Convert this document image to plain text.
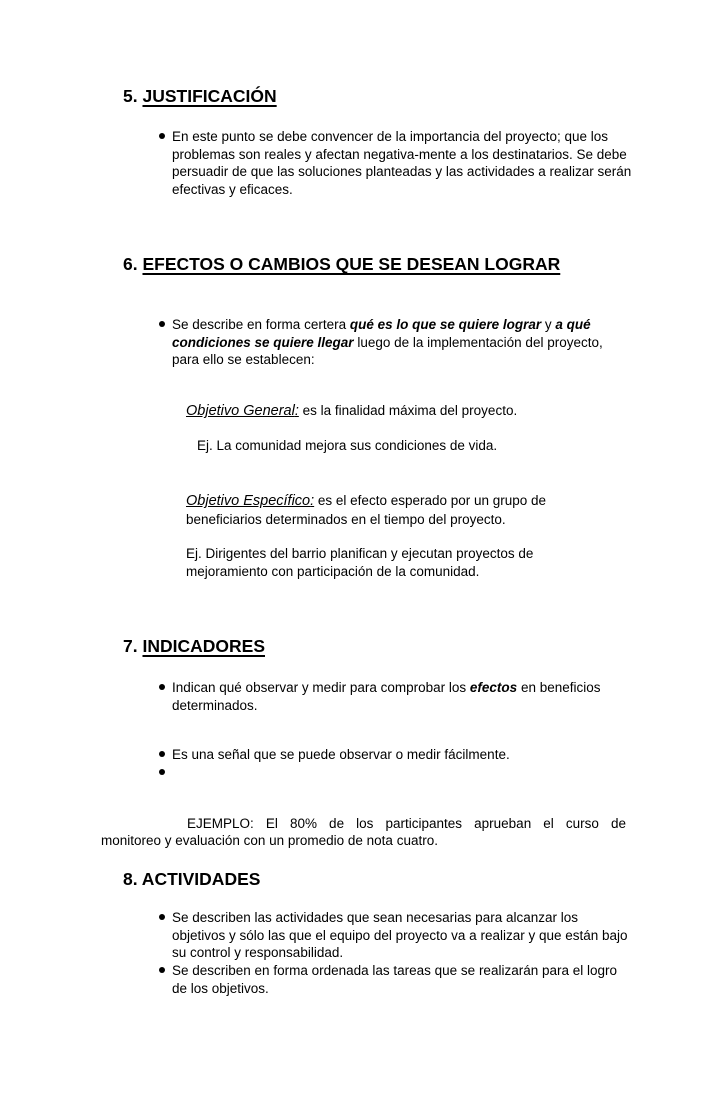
5. JUSTIFICACIÓN
En este punto se debe convencer de la importancia del proyecto; que los problemas son reales y afectan negativa-mente a los destinatarios. Se debe persuadir de que las soluciones planteadas y las actividades a realizar serán efectivas y eficaces.
6. EFECTOS O CAMBIOS QUE SE DESEAN LOGRAR
Se describe en forma certera qué es lo que se quiere lograr y a qué condiciones se quiere llegar luego de la implementación del proyecto, para ello se establecen:
Objetivo General: es la finalidad máxima del proyecto.
Ej. La comunidad mejora sus condiciones de vida.
Objetivo Específico: es el efecto esperado por un grupo de beneficiarios determinados en el tiempo del proyecto.
Ej. Dirigentes del barrio planifican y ejecutan proyectos de mejoramiento con participación de la comunidad.
7. INDICADORES
Indican qué observar y medir para comprobar los efectos en beneficios determinados.
Es una señal que se puede observar o medir fácilmente.
EJEMPLO: El 80% de los participantes aprueban el curso de
monitoreo y evaluación con un promedio de nota cuatro.
8. ACTIVIDADES
Se describen las actividades que sean necesarias para alcanzar los objetivos y sólo las que el equipo del proyecto va a realizar y que están bajo su control y responsabilidad.
Se describen en forma ordenada las tareas que se realizarán para el logro de los objetivos.
